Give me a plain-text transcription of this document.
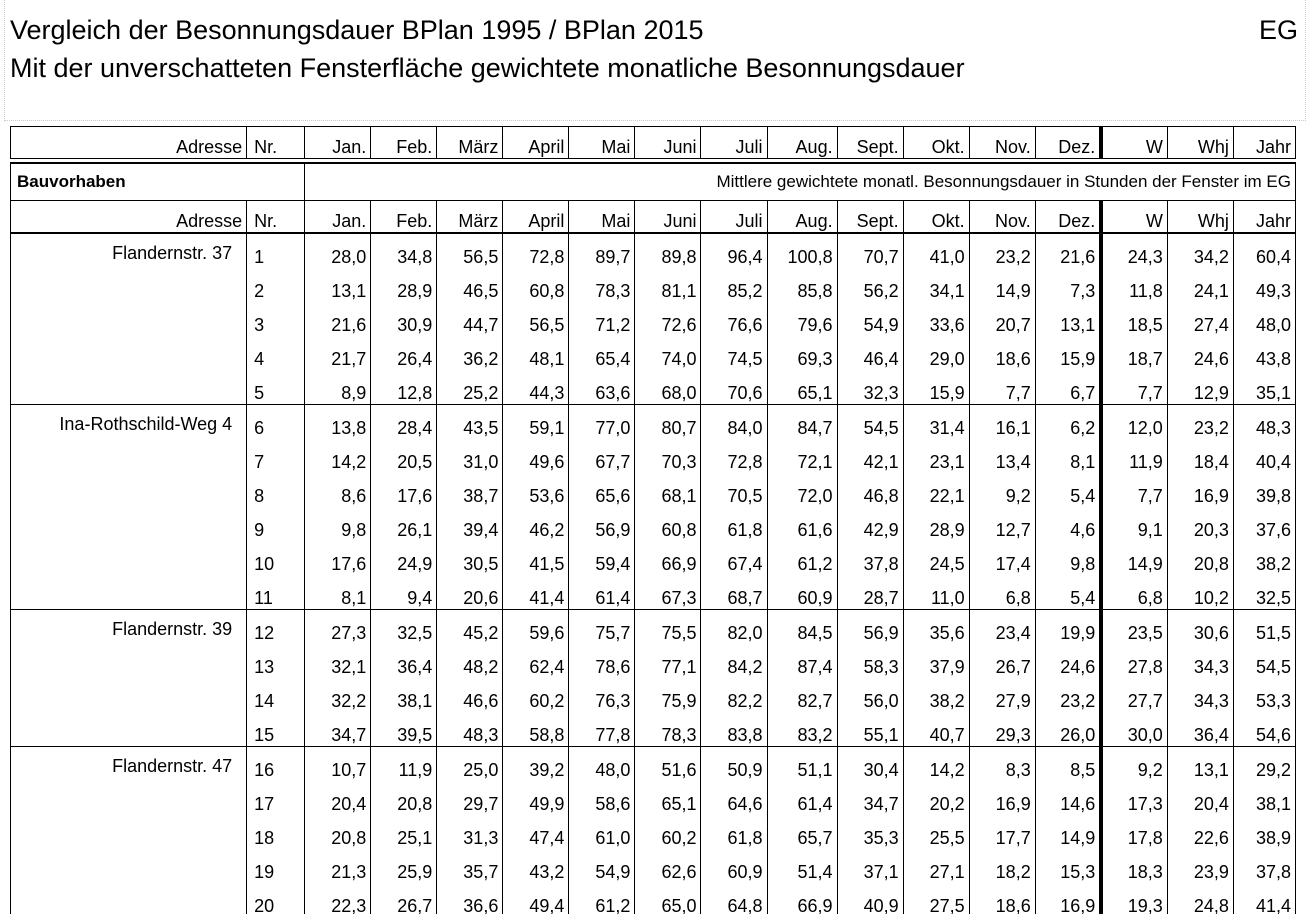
Vergleich der Besonnungsdauer BPlan 1995 / BPlan 2015
Mit der unverschatteten Fensterfläche gewichtete monatliche Besonnungsdauer
EG
Adresse	Nr.	Jan.	Feb.	März	April	Mai	Juni	Juli	Aug.	Sept.	Okt.	Nov.	Dez.	W	Whj	Jahr

Bauvorhaben		Mittlere gewichtete monatl. Besonnungsdauer in Stunden der Fenster im EG														
Adresse	Nr.	Jan.	Feb.	März	April	Mai	Juni	Juli	Aug.	Sept.	Okt.	Nov.	Dez.	W	Whj	Jahr
Flandernstr. 37	1	28,0	34,8	56,5	72,8	89,7	89,8	96,4	100,8	70,7	41,0	23,2	21,6	24,3	34,2	60,4
	2	13,1	28,9	46,5	60,8	78,3	81,1	85,2	85,8	56,2	34,1	14,9	7,3	11,8	24,1	49,3
	3	21,6	30,9	44,7	56,5	71,2	72,6	76,6	79,6	54,9	33,6	20,7	13,1	18,5	27,4	48,0
	4	21,7	26,4	36,2	48,1	65,4	74,0	74,5	69,3	46,4	29,0	18,6	15,9	18,7	24,6	43,8
	5	8,9	12,8	25,2	44,3	63,6	68,0	70,6	65,1	32,3	15,9	7,7	6,7	7,7	12,9	35,1
Ina-Rothschild-Weg 4	6	13,8	28,4	43,5	59,1	77,0	80,7	84,0	84,7	54,5	31,4	16,1	6,2	12,0	23,2	48,3
	7	14,2	20,5	31,0	49,6	67,7	70,3	72,8	72,1	42,1	23,1	13,4	8,1	11,9	18,4	40,4
	8	8,6	17,6	38,7	53,6	65,6	68,1	70,5	72,0	46,8	22,1	9,2	5,4	7,7	16,9	39,8
	9	9,8	26,1	39,4	46,2	56,9	60,8	61,8	61,6	42,9	28,9	12,7	4,6	9,1	20,3	37,6
	10	17,6	24,9	30,5	41,5	59,4	66,9	67,4	61,2	37,8	24,5	17,4	9,8	14,9	20,8	38,2
	11	8,1	9,4	20,6	41,4	61,4	67,3	68,7	60,9	28,7	11,0	6,8	5,4	6,8	10,2	32,5
Flandernstr. 39	12	27,3	32,5	45,2	59,6	75,7	75,5	82,0	84,5	56,9	35,6	23,4	19,9	23,5	30,6	51,5
	13	32,1	36,4	48,2	62,4	78,6	77,1	84,2	87,4	58,3	37,9	26,7	24,6	27,8	34,3	54,5
	14	32,2	38,1	46,6	60,2	76,3	75,9	82,2	82,7	56,0	38,2	27,9	23,2	27,7	34,3	53,3
	15	34,7	39,5	48,3	58,8	77,8	78,3	83,8	83,2	55,1	40,7	29,3	26,0	30,0	36,4	54,6
Flandernstr. 47	16	10,7	11,9	25,0	39,2	48,0	51,6	50,9	51,1	30,4	14,2	8,3	8,5	9,2	13,1	29,2
	17	20,4	20,8	29,7	49,9	58,6	65,1	64,6	61,4	34,7	20,2	16,9	14,6	17,3	20,4	38,1
	18	20,8	25,1	31,3	47,4	61,0	60,2	61,8	65,7	35,3	25,5	17,7	14,9	17,8	22,6	38,9
	19	21,3	25,9	35,7	43,2	54,9	62,6	60,9	51,4	37,1	27,1	18,2	15,3	18,3	23,9	37,8
	20	22,3	26,7	36,6	49,4	61,2	65,0	64,8	66,9	40,9	27,5	18,6	16,9	19,3	24,8	41,4
